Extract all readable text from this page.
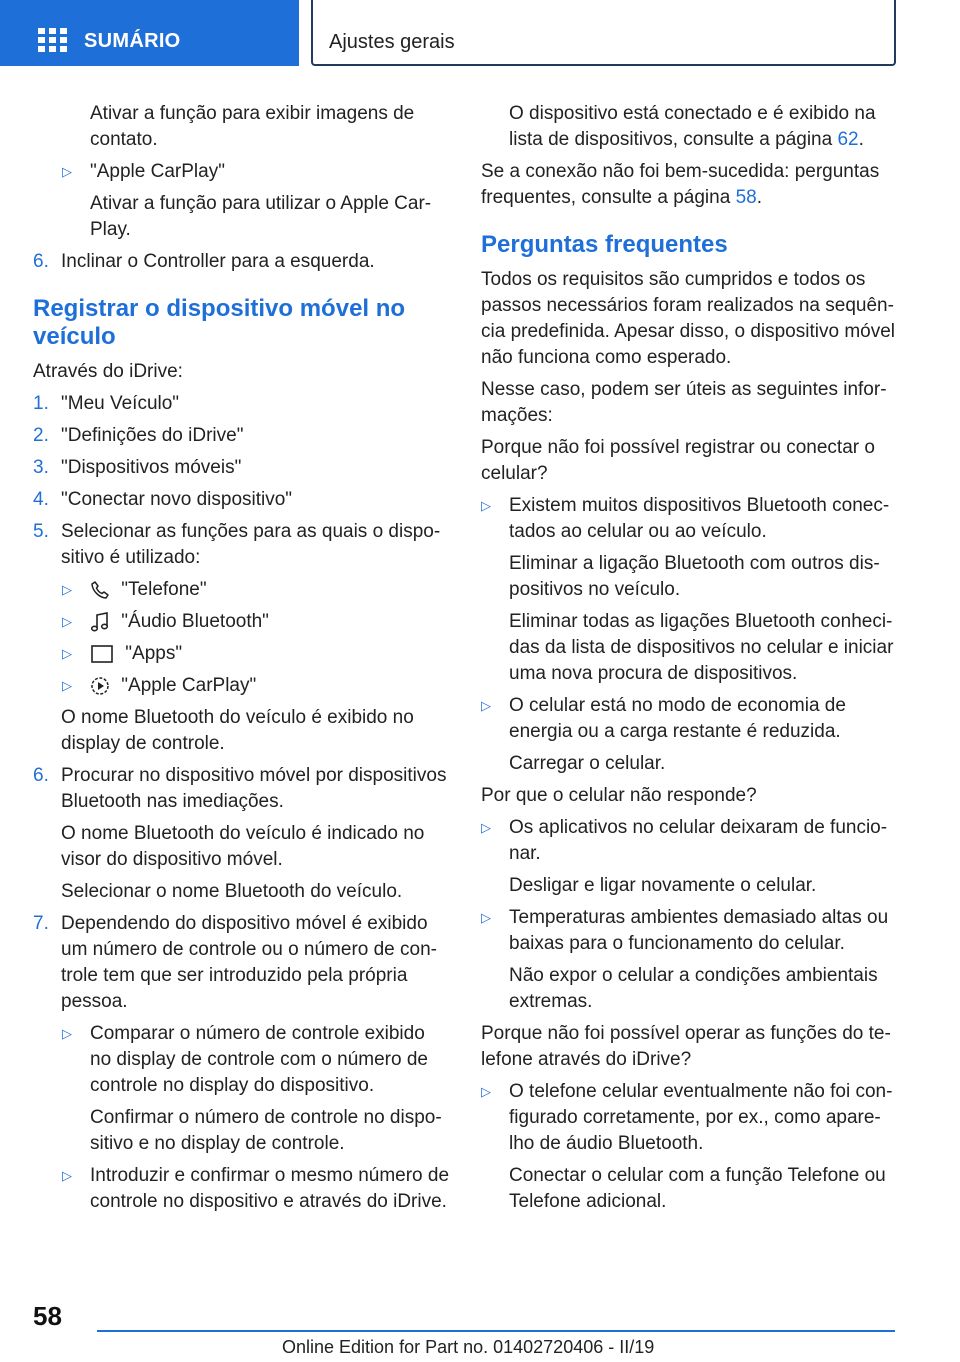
SUMÁRIO	Ajustes gerais

Ativar a função para exibir imagens de contato.

▷ "Apple CarPlay"

Ativar a função para utilizar o Apple Car-Play.

6. Inclinar o Controller para a esquerda.
Registrar o dispositivo móvel no veículo

Através do iDrive:

1. "Meu Veículo"
2. "Definições do iDrive"
3. "Dispositivos móveis"
4. "Conectar novo dispositivo"
5. Selecionar as funções para as quais o dispo-sitivo é utilizado:
▷	"Telefone"
▷	"Áudio Bluetooth"
▷	"Apps"
▷	"Apple CarPlay"

O nome Bluetooth do veículo é exibido no display de controle.

6. Procurar no dispositivo móvel por dispositivos Bluetooth nas imediações.

O nome Bluetooth do veículo é indicado no visor do dispositivo móvel.

Selecionar o nome Bluetooth do veículo.

7. Dependendo do dispositivo móvel é exibido um número de controle ou o número de con-trole tem que ser introduzido pela própria pessoa.
▷ Comparar o número de controle exibido no display de controle com o número de controle no display do dispositivo.

Confirmar o número de controle no dispo-sitivo e no display de controle.

▷ Introduzir e confirmar o mesmo número de controle no dispositivo e através do iDrive.

O dispositivo está conectado e é exibido na lista de dispositivos, consulte a página 62.

Se a conexão não foi bem-sucedida: perguntas frequentes, consulte a página 58.

Perguntas frequentes

Todos os requisitos são cumpridos e todos os passos necessários foram realizados na sequên-cia predefinida. Apesar disso, o dispositivo móvel não funciona como esperado.

Nesse caso, podem ser úteis as seguintes infor-mações:

Porque não foi possível registrar ou conectar o celular?

▷ Existem muitos dispositivos Bluetooth conec-tados ao celular ou ao veículo.

Eliminar a ligação Bluetooth com outros dis-positivos no veículo.

Eliminar todas as ligações Bluetooth conheci-das da lista de dispositivos no celular e iniciar uma nova procura de dispositivos.

▷ O celular está no modo de economia de energia ou a carga restante é reduzida.

Carregar o celular.

Por que o celular não responde?

▷ Os aplicativos no celular deixaram de funcio-nar.

Desligar e ligar novamente o celular.

▷ Temperaturas ambientes demasiado altas ou baixas para o funcionamento do celular.

Não expor o celular a condições ambientais extremas.

Porque não foi possível operar as funções do te-lefone através do iDrive?

▷ O telefone celular eventualmente não foi con-figurado corretamente, por ex., como apare-lho de áudio Bluetooth.

Conectar o celular com a função Telefone ou Telefone adicional.

58
Online Edition for Part no. 01402720406 - II/19
